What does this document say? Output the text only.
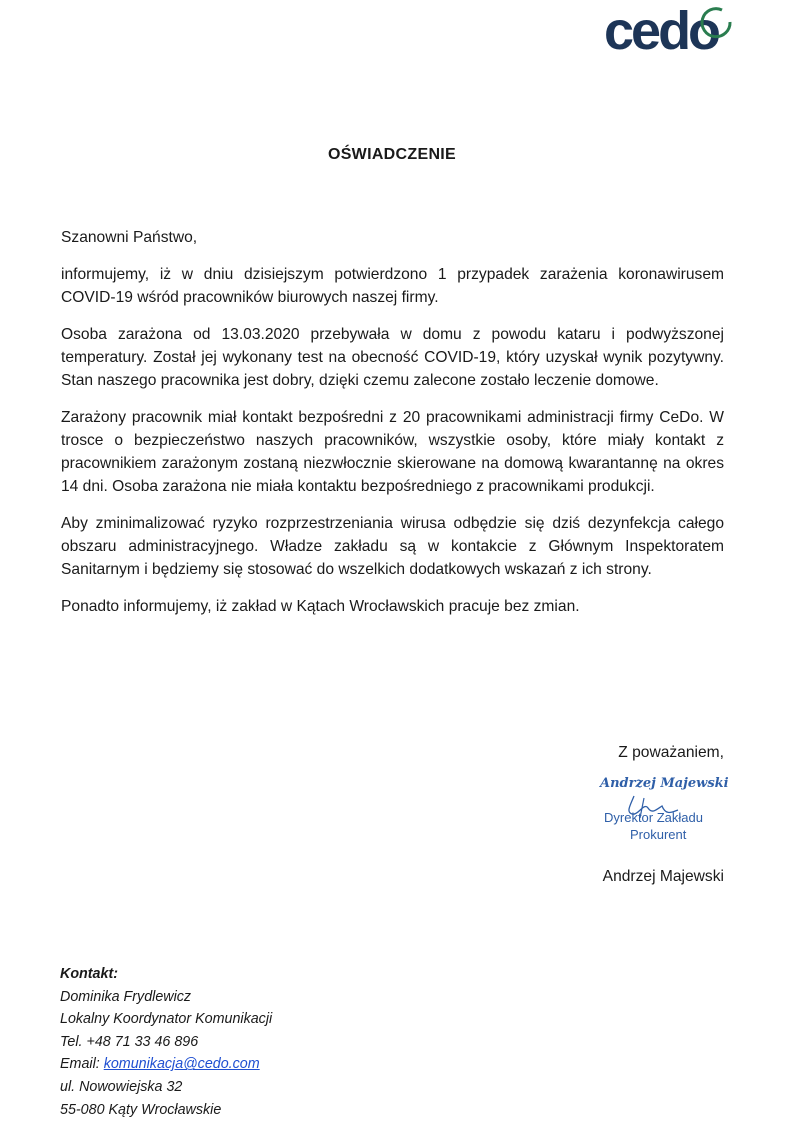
cedo
OŚWIADCZENIE

Szanowni Państwo,

informujemy, iż w dniu dzisiejszym potwierdzono 1 przypadek zarażenia koronawirusem COVID-19 wśród pracowników biurowych naszej firmy.

Osoba zarażona od 13.03.2020 przebywała w domu z powodu kataru i podwyższonej temperatury. Został jej wykonany test na obecność COVID-19, który uzyskał wynik pozytywny. Stan naszego pracownika jest dobry, dzięki czemu zalecone zostało leczenie domowe.

Zarażony pracownik miał kontakt bezpośredni z 20 pracownikami administracji firmy CeDo. W trosce o bezpieczeństwo naszych pracowników, wszystkie osoby, które miały kontakt z pracownikiem zarażonym zostaną niezwłocznie skierowane na domową kwarantannę na okres 14 dni. Osoba zarażona nie miała kontaktu bezpośredniego z pracownikami produkcji.

Aby zminimalizować ryzyko rozprzestrzeniania wirusa odbędzie się dziś dezynfekcja całego obszaru administracyjnego. Władze zakładu są w kontakcie z Głównym Inspektoratem Sanitarnym i będziemy się stosować do wszelkich dodatkowych wskazań z ich strony.

Ponadto informujemy, iż zakład w Kątach Wrocławskich pracuje bez zmian.

Z poważaniem,
Andrzej Majewski
Dyrektor Zakładu
Prokurent
Andrzej Majewski
Kontakt:
Dominika Frydlewicz
Lokalny Koordynator Komunikacji
Tel. +48 71 33 46 896
Email: komunikacja@cedo.com
ul. Nowowiejska 32
55-080 Kąty Wrocławskie
